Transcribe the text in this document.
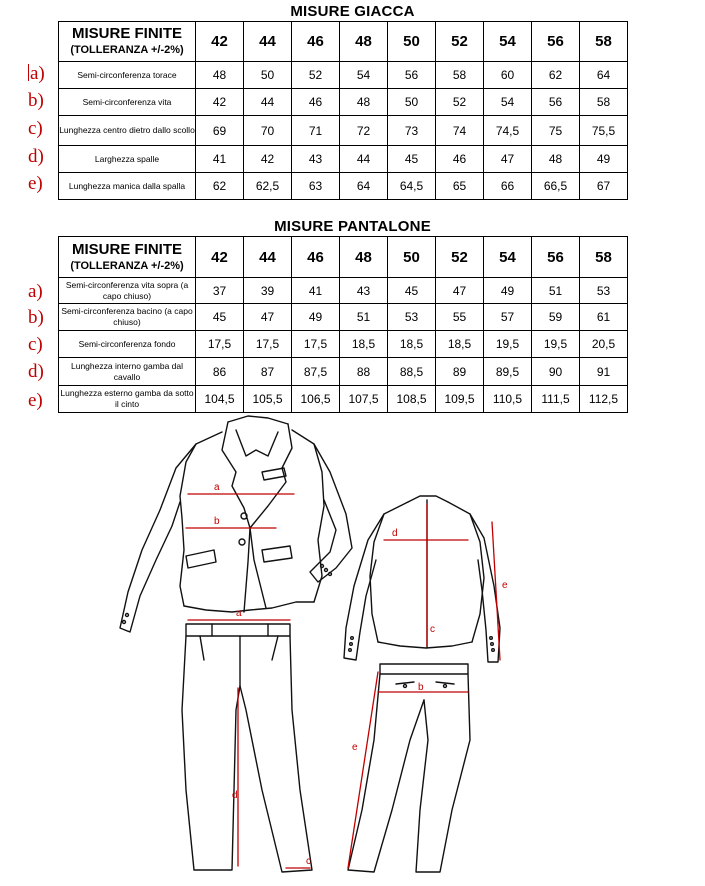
MISURE GIACCA
MISURE FINITE
(TOLLERANZA +/-2%)	42	44	46	48	50	52	54	56	58
Semi-circonferenza torace	48	50	52	54	56	58	60	62	64
Semi-circonferenza vita	42	44	46	48	50	52	54	56	58
Lunghezza centro dietro dallo scollo	69	70	71	72	73	74	74,5	75	75,5
Larghezza spalle	41	42	43	44	45	46	47	48	49
Lunghezza manica dalla spalla	62	62,5	63	64	64,5	65	66	66,5	67
MISURE PANTALONE
MISURE FINITE
(TOLLERANZA +/-2%)	42	44	46	48	50	52	54	56	58
Semi-circonferenza vita sopra (a capo chiuso)	37	39	41	43	45	47	49	51	53
Semi-circonferenza bacino (a capo chiuso)	45	47	49	51	53	55	57	59	61
Semi-circonferenza fondo	17,5	17,5	17,5	18,5	18,5	18,5	19,5	19,5	20,5
Lunghezza interno gamba dal cavallo	86	87	87,5	88	88,5	89	89,5	90	91
Lunghezza esterno gamba da sotto il cinto	104,5	105,5	106,5	107,5	108,5	109,5	110,5	111,5	112,5
a)
b)
c)
d)
e)
a)
b)
c)
d)
e)
a
b
d
c
e
a
d
c
b
e
